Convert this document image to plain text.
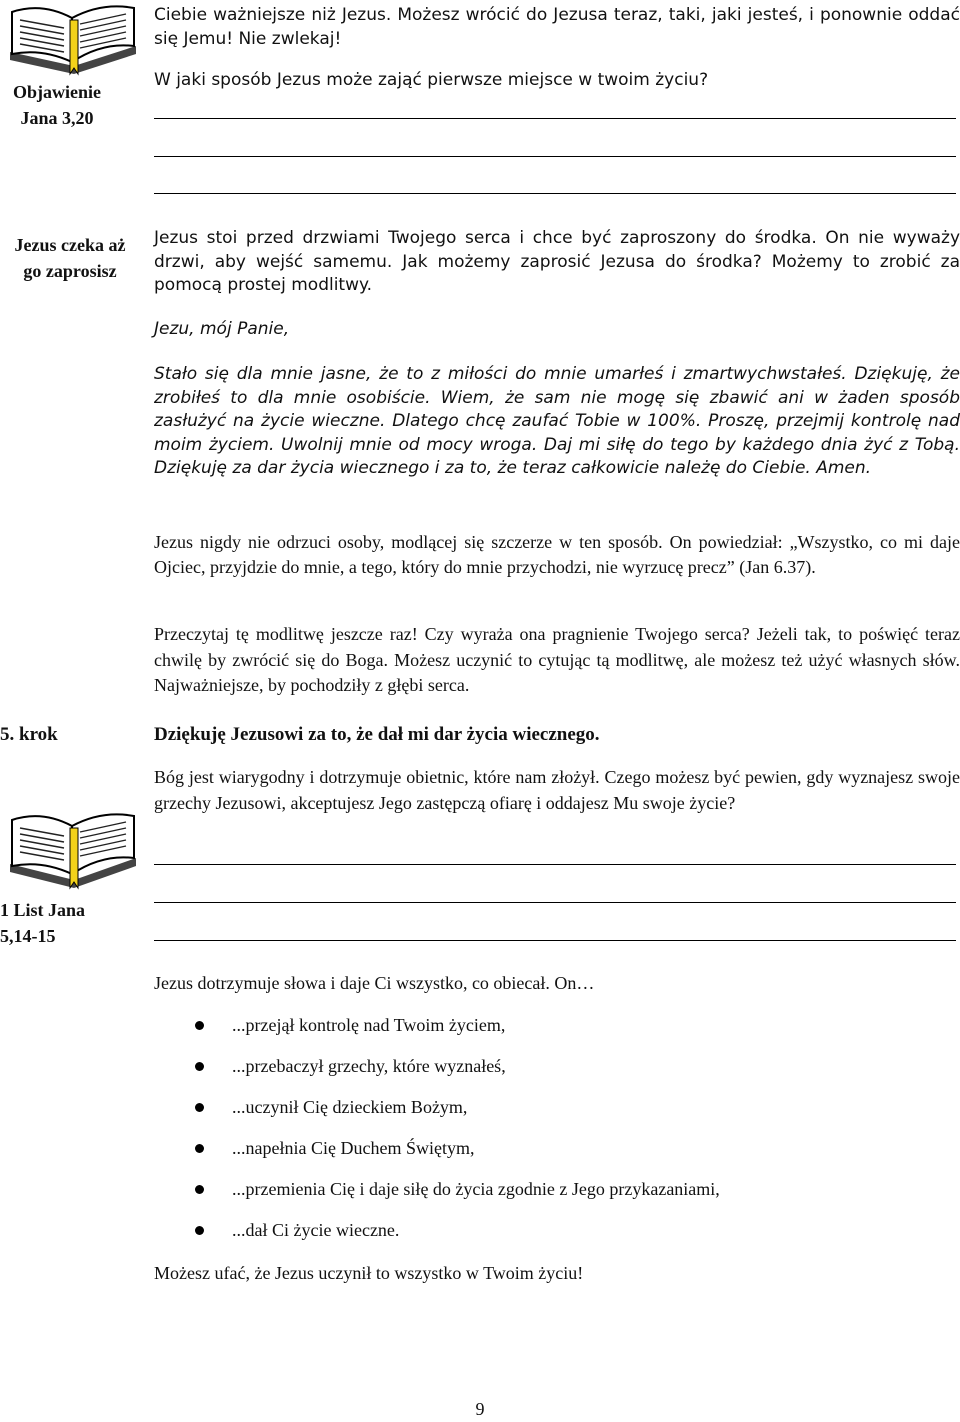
Objawienie
Jana 3,20
Ciebie ważniejsze niż Jezus. Możesz wrócić do Jezusa teraz, taki, jaki jesteś, i ponownie oddać się Jemu! Nie zwlekaj!
W jaki sposób Jezus może zająć pierwsze miejsce w twoim życiu?
Jezus czeka aż
go zaprosisz
Jezus stoi przed drzwiami Twojego serca i chce być zaproszony do środka. On nie wyważy drzwi, aby wejść samemu. Jak możemy zaprosić Jezusa do środka? Możemy to zrobić za pomocą prostej modlitwy.
Jezu, mój Panie,
Stało się dla mnie jasne, że to z miłości do mnie umarłeś i zmartwychwstałeś. Dziękuję, że zrobiłeś to dla mnie osobiście. Wiem, że sam nie mogę się zbawić ani w żaden sposób zasłużyć na życie wieczne. Dlatego chcę zaufać Tobie w 100%. Proszę, przejmij kontrolę nad moim życiem. Uwolnij mnie od mocy wroga. Daj mi siłę do tego by każdego dnia żyć z Tobą. Dziękuję za dar życia wiecznego i za to, że teraz całkowicie należę do Ciebie. Amen.
Jezus nigdy nie odrzuci osoby, modlącej się szczerze w ten sposób. On powiedział: „Wszystko, co mi daje Ojciec, przyjdzie do mnie, a tego, który do mnie przychodzi, nie wyrzucę precz” (Jan 6.37).
Przeczytaj tę modlitwę jeszcze raz! Czy wyraża ona pragnienie Twojego serca? Jeżeli tak, to poświęć teraz chwilę by zwrócić się do Boga. Możesz uczynić to cytując tą modlitwę, ale możesz też użyć własnych słów. Najważniejsze, by pochodziły z głębi serca.
5. krok	Dziękuję Jezusowi za to, że dał mi dar życia wiecznego.
Bóg jest wiarygodny i dotrzymuje obietnic, które nam złożył. Czego możesz być pewien, gdy wyznajesz swoje grzechy Jezusowi, akceptujesz Jego zastępczą ofiarę i oddajesz Mu swoje życie?
1 List Jana
5,14-15
Jezus dotrzymuje słowa i daje Ci wszystko, co obiecał. On…
...przejął kontrolę nad Twoim życiem,
...przebaczył grzechy, które wyznałeś,
...uczynił Cię dzieckiem Bożym,
...napełnia Cię Duchem Świętym,
...przemienia Cię i daje siłę do życia zgodnie z Jego przykazaniami,
...dał Ci życie wieczne.
Możesz ufać, że Jezus uczynił to wszystko w Twoim życiu!
9
